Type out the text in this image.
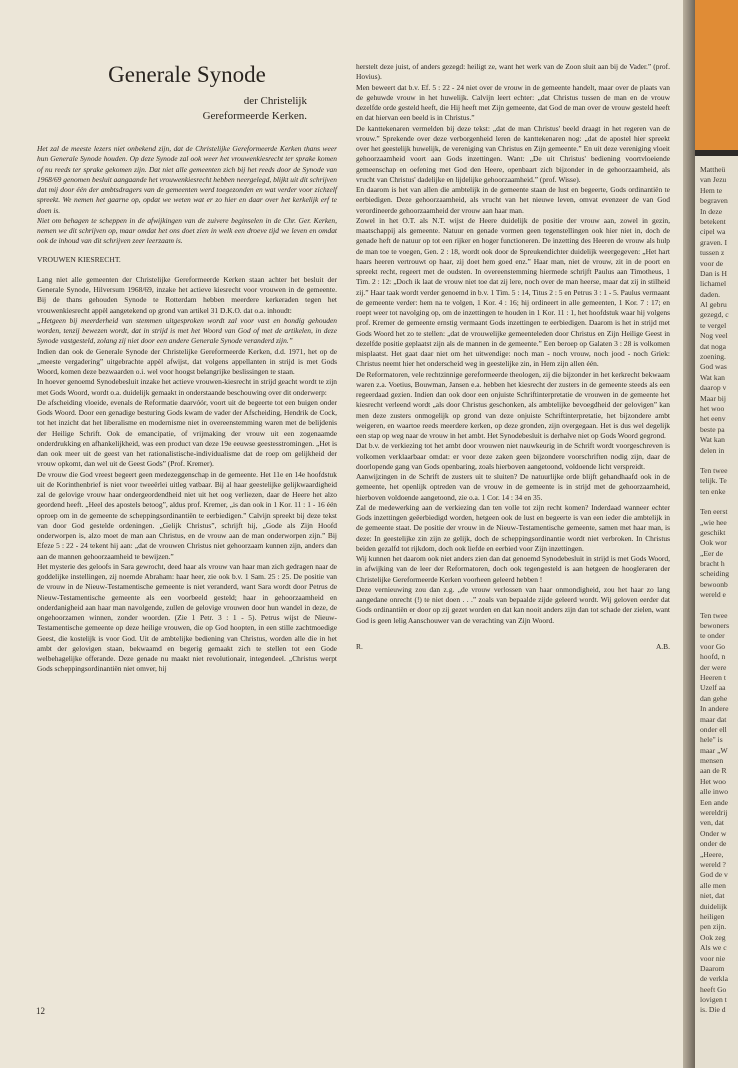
Generale Synode
der Christelijk
Gereformeerde Kerken.

Het zal de meeste lezers niet onbekend zijn, dat de Christelijke Gereformeerde Kerken thans weer hun Generale Synode houden. Op deze Synode zal ook weer het vrouwenkiesrecht ter sprake komen of nu reeds ter sprake gekomen zijn. Dat niet alle gemeenten zich bij het reeds door de Synode van 1968/69 genomen besluit aangaande het vrouwenkiesrecht hebben neergelegd, blijkt uit dit schrijven dat mij door één der ambtsdragers van de gemeenten werd toegezonden en wat verder voor zichzelf spreekt. We nemen het gaarne op, opdat we weten wat er zo hier en daar over het kerkelijk erf te doen is.

Niet om behagen te scheppen in de afwijkingen van de zuivere beginselen in de Chr. Ger. Kerken, nemen we dit schrijven op, maar omdat het ons doet zien in welk een droeve tijd we leven en omdat ook de inhoud van dit schrijven zeer leerzaam is.

VROUWEN KIESRECHT.

Lang niet alle gemeenten der Christelijke Gereformeerde Kerken staan achter het besluit der Generale Synode, Hilversum 1968/69, inzake het actieve kiesrecht voor vrouwen in de gemeente. Bij de thans gehouden Synode te Rotterdam hebben meerdere kerkeraden tegen het vrouwenkiesrecht appèl aangetekend op grond van artikel 31 D.K.O. dat o.a. inhoudt:

„Hetgeen bij meerderheid van stemmen uitgesproken wordt zal voor vast en bondig gehouden worden, tenzij bewezen wordt, dat in strijd is met het Woord van God of met de artikelen, in deze Synode vastgesteld, zolang zij niet door een andere Generale Synode veranderd zijn.”

Indien dan ook de Generale Synode der Christelijke Gereformeerde Kerken, d.d. 1971, het op de „meeste vergadering” uitgebrachte appèl afwijst, dat volgens appellanten in strijd is met Gods Woord, komen deze bezwaarden o.i. wel voor hoogst belangrijke beslissingen te staan.

In hoever genoemd Synodebesluit inzake het actieve vrouwen-kiesrecht in strijd geacht wordt te zijn met Gods Woord, wordt o.a. duidelijk gemaakt in onderstaande beschouwing over dit onderwerp:

De afscheiding vloeide, evenals de Reformatie daarvóór, voort uit de begeerte tot een buigen onder Gods Woord. Door een genadige besturing Gods kwam de vader der Afscheiding, Hendrik de Cock, tot het inzicht dat het liberalisme en modernisme niet in overeenstemming waren met de belijdenis der Heilige Schrift. Ook de emancipatie, of vrijmaking der vrouw uit een zogenaamde onderdrukking en afhankelijkheid, was een product van deze 19e eeuwse geestesstromingen. „Het is dan ook meer uit de geest van het rationalistische-individualisme dat de roep om gelijkheid der vrouw opkomt, dan wel uit de Geest Gods” (Prof. Kremer).

De vrouw die God vreest begeert geen medezeggenschap in de gemeente. Het 11e en 14e hoofdstuk uit de Korinthenbrief is niet voor tweeërlei uitleg vatbaar. Bij al haar geestelijke gelijkwaardigheid zal de gelovige vrouw haar ondergeordendheid niet uit het oog verliezen, daar de Heere het alzo geordend heeft. „Heel des apostels betoog”, aldus prof. Kremer, „is dan ook in 1 Kor. 11 : 1 - 16 één oproep om in de gemeente de scheppingsordinantiën te eerbiedigen.” Calvijn spreekt bij deze tekst van door God gestelde ordeningen. „Gelijk Christus”, schrijft hij, „Gode als Zijn Hoofd onderworpen is, alzo moet de man aan Christus, en de vrouw aan de man onderworpen zijn.” Bij Efeze 5 : 22 - 24 tekent hij aan: „dat de vrouwen Christus niet gehoorzaam kunnen zijn, anders dan aan de mannen gehoorzaamheid te bewijzen.”

Het mysterie des geloofs in Sara gewrocht, deed haar als vrouw van haar man zich gedragen naar de goddelijke instellingen, zij noemde Abraham: haar heer, zie ook b.v. 1 Sam. 25 : 25. De positie van de vrouw in de Nieuw-Testamentische gemeente is niet veranderd, want Sara wordt door Petrus de Nieuw-Testamentische gemeente als een voorbeeld gesteld; haar in gehoorzaamheid en onderdanigheid aan haar man navolgende, zullen de gelovige vrouwen door hun wandel in deze, de ongehoorzamen winnen, zonder woorden. (Zie 1 Petr. 3 : 1 - 5). Petrus wijst de Nieuw-Testamentische gemeente op deze heilige vrouwen, die op God hoopten, in een stille zachtmoedige Geest, die kostelijk is voor God. Uit de ambtelijke bediening van Christus, worden alle die in het ambt der gelovigen staan, bekwaamd en begerig gemaakt zich te stellen tot een Gode welbehagelijke offerande. Deze genade nu maakt niet revolutionair, integendeel. „Christus werpt Gods scheppingsordinantiën niet omver, hij

herstelt deze juist, of anders gezegd: heiligt ze, want het werk van de Zoon sluit aan bij de Vader.” (prof. Hovius).

Men beweert dat b.v. Ef. 5 : 22 - 24 niet over de vrouw in de gemeente handelt, maar over de plaats van de gehuwde vrouw in het huwelijk. Calvijn leert echter: „dat Christus tussen de man en de vrouw dezelfde orde gesteld heeft, die Hij heeft met Zijn gemeente, dat God de man over de vrouw gesteld heeft en dat hiervan een beeld is in Christus.”

De kanttekenaren vermelden bij deze tekst: „dat de man Christus' beeld draagt in het regeren van de vrouw.” Sprekende over deze verborgenheid leren de kanttekenaren nog: „dat de apostel hier spreekt over het geestelijk huwelijk, de vereniging van Christus en Zijn gemeente.” En uit deze vereniging vloeit gehoorzaamheid voort aan Gods inzettingen. Want: „De uit Christus' bediening voortvloeiende gemeenschap en oefening met God den Heere, openbaart zich bijzonder in de gehoorzaamheid, als vrucht van Christus' dadelijke en lijdelijke gehoorzaamheid.” (prof. Wisse).

En daarom is het van allen die ambtelijk in de gemeente staan de lust en begeerte, Gods ordinantiën te eerbiedigen. Deze gehoorzaamheid, als vrucht van het nieuwe leven, omvat evenzeer de van God verordineerde gehoorzaamheid der vrouw aan haar man.

Zowel in het O.T. als N.T. wijst de Heere duidelijk de positie der vrouw aan, zowel in gezin, maatschappij als gemeente. Natuur en genade vormen geen tegenstellingen ook hier niet in, doch de genade heft de natuur op tot een rijker en hoger functioneren. De inzetting des Heeren de vrouw als hulp de man toe te voegen, Gen. 2 : 18, wordt ook door de Spreukendichter duidelijk weergegeven: „Het hart haars heeren vertrouwt op haar, zij doet hem goed enz.” Haar man, niet de vrouw, zit in de poort en spreekt recht, regeert met de oudsten. In overeenstemming hiermede schrijft Paulus aan Timotheus, 1 Tim. 2 : 12: „Doch ik laat de vrouw niet toe dat zij lere, noch over de man heerse, maar dat zij in stilheid zij.” Haar taak wordt verder genoemd in b.v. 1 Tim. 5 : 14, Titus 2 : 5 en Petrus 3 : 1 - 5. Paulus vermaant de gemeente verder: hem na te volgen, 1 Kor. 4 : 16; hij ordineert in alle gemeenten, 1 Kor. 7 : 17; en roept weer tot navolging op, om de inzettingen te houden in 1 Kor. 11 : 1, het hoofdstuk waar hij volgens prof. Kremer de gemeente ernstig vermaant Gods inzettingen te eerbiedigen. Daarom is het in strijd met Gods Woord het zo te stellen: „dat de vrouwelijke gemeenteleden door Christus en Zijn Heilige Geest in dezelfde positie geplaatst zijn als de mannen in de gemeente.” Een beroep op Galaten 3 : 28 is volkomen misplaatst. Het gaat daar niet om het uitwendige: noch man - noch vrouw, noch jood - noch Griek: Christus neemt hier het onderscheid weg in geestelijke zin, in Hem zijn allen één.

De Reformatoren, vele rechtzinnige gereformeerde theologen, zij die bijzonder in het kerkrecht bekwaam waren z.a. Voetius, Bouwman, Jansen e.a. hebben het kiesrecht der zusters in de gemeente steeds als een regeerdaad gezien. Indien dan ook door een onjuiste Schriftinterpretatie de vrouwen in de gemeente het kiesrecht verleend wordt „als door Christus geschonken, als ambtelijke bevoegdheid der gelovigen” kan men deze zusters onmogelijk op grond van deze onjuiste Schriftinterpretatie, het bijzondere ambt weigeren, en waartoe reeds meerdere kerken, op deze gronden, zijn overgegaan. Het is dus wel degelijk een stap op weg naar de vrouw in het ambt. Het Synodebesluit is derhalve niet op Gods Woord gegrond.

Dat b.v. de verkiezing tot het ambt door vrouwen niet nauwkeurig in de Schrift wordt voorgeschreven is volkomen verklaarbaar omdat: er voor deze zaken geen bijzondere voorschriften nodig zijn, daar de doorlopende gang van Gods openbaring, zoals hierboven aangetoond, voldoende licht verspreidt.

Aanwijzingen in de Schrift de zusters uit te sluiten? De natuurlijke orde blijft gehandhaafd ook in de gemeente, het openlijk optreden van de vrouw in de gemeente is in strijd met de gehoorzaamheid, hierboven voldoende aangetoond, zie o.a. 1 Cor. 14 : 34 en 35.

Zal de medewerking aan de verkiezing dan ten volle tot zijn recht komen? Inderdaad wanneer echter Gods inzettingen geëerbiedigd worden, hetgeen ook de lust en begeerte is van een ieder die ambtelijk in de gemeente staat. De positie der vrouw in de Nieuw-Testamentische gemeente, samen met haar man, is deze: In geestelijke zin zijn ze gelijk, doch de scheppingsordinantie wordt niet verbroken. In Christus beiden gezalfd tot rijkdom, doch ook liefde en eerbied voor Zijn inzettingen.

Wij kunnen het daarom ook niet anders zien dan dat genoemd Synodebesluit in strijd is met Gods Woord, in afwijking van de leer der Reformatoren, doch ook tegengesteld is aan hetgeen de hoogleraren der Christelijke Gereformeerde Kerken voorheen geleerd hebben !

Deze vernieuwing zou dan z.g. „de vrouw verlossen van haar onmondigheid, zou het haar zo lang aangedane onrecht (!) te niet doen . . .” zoals van bepaalde zijde geleerd wordt. Wij geloven eerder dat Gods ordinantiën er door op zij gezet worden en dat kan nooit anders zijn dan tot schade der zielen, want God is geen lelig Aanschouwer van de verachting van Zijn Woord.

R.	A.B.
12
Mattheü
van Jezu
Hem te
begraven
In deze
betekent
cipel wa
graven. I
tussen z
voor de
Dan is H
lichamel
daden.
Al gebru
gezegd, c
te vergel
Nog veel
dat noga
zoening.
God was
Wat kan
daarop v
Maar bij
het woo
het eenv
beste pa
Wat kan
delen in
Ten twee
telijk. Te
ten enke
Ten eerst
„wie hee
geschikt
Ook wor
„Eer de
bracht h
scheiding
bewoonb
wereld e
Ten twee
bewoners
te onder
voor Go
hoofd, n
der were
Heeren t
Uzelf aa
dan gehe
In andere
maar dat
onder ell
hele" is
maar „W
mensen
aan de R
Het woo
alle inwo
Een ande
wereldrij
ven, dat
Onder w
onder de
„Heere,
wereld ?
God de v
alle men
niet, dat
duidelijk
heiligen
pen zijn.
Ook zeg
Als we c
voor nie
Daarom
de verkla
heeft Go
lovigen t
is. Die d
